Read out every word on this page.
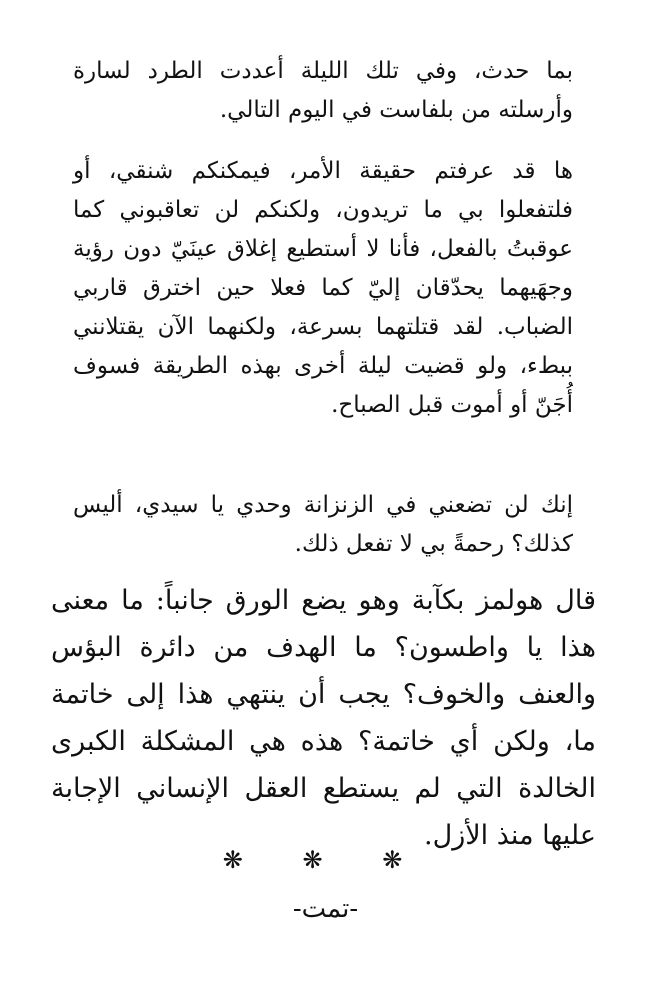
بما حدث، وفي تلك الليلة أعددت الطرد لسارة وأرسلته من بلفاست في اليوم التالي.

ها قد عرفتم حقيقة الأمر، فيمكنكم شنقي، أو فلتفعلوا بي ما تريدون، ولكنكم لن تعاقبوني كما عوقبتُ بالفعل، فأنا لا أستطيع إغلاق عينَيّ دون رؤية وجهَيهما يحدّقان إليّ كما فعلا حين اخترق قاربي الضباب. لقد قتلتهما بسرعة، ولكنهما الآن يقتلانني ببطء، ولو قضيت ليلة أخرى بهذه الطريقة فسوف أُجَنّ أو أموت قبل الصباح.

إنك لن تضعني في الزنزانة وحدي يا سيدي، أليس كذلك؟ رحمةً بي لا تفعل ذلك.

قال هولمز بكآبة وهو يضع الورق جانباً: ما معنى هذا يا واطسون؟ ما الهدف من دائرة البؤس والعنف والخوف؟ يجب أن ينتهي هذا إلى خاتمة ما، ولكن أي خاتمة؟ هذه هي المشكلة الكبرى الخالدة التي لم يستطع العقل الإنساني الإجابة عليها منذ الأزل.

❋ ❋ ❋
-تمت-
